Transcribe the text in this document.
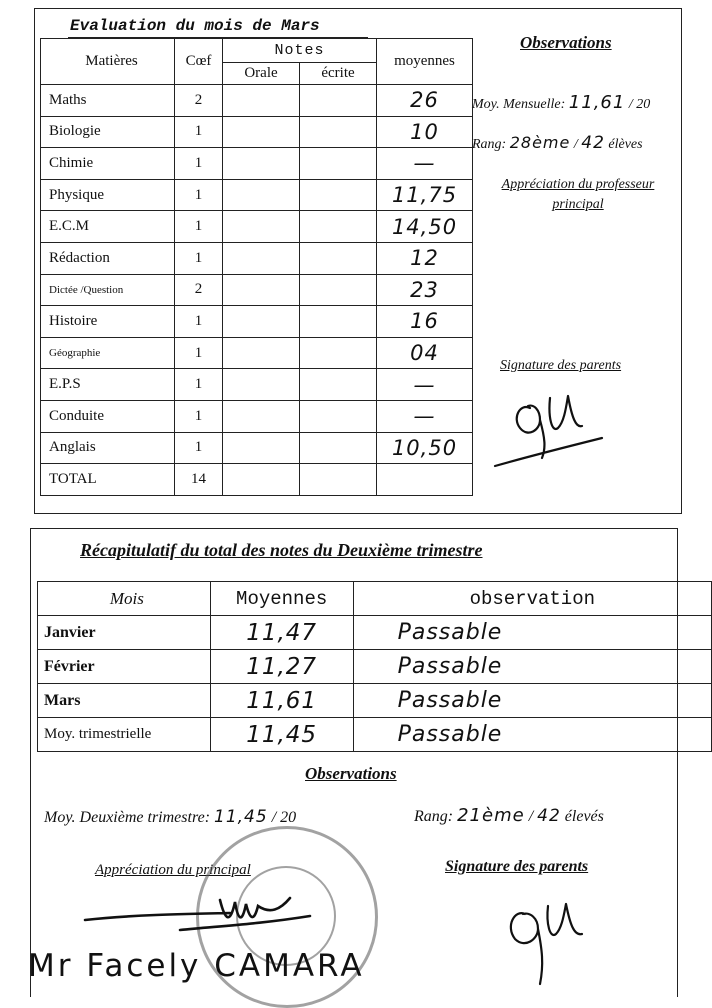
Evaluation du mois de Mars
Matières	Cœf	Notes		moyennes
		Orale	écrite	
Maths	2			26
Biologie	1			10
Chimie	1			—
Physique	1			11,75
E.C.M	1			14,50
Rédaction	1			12
Dictée /Question	2			23
Histoire	1			16
Géographie	1			04
E.P.S	1			—
Conduite	1			—
Anglais	1			10,50
TOTAL	14			
Observations
Moy. Mensuelle: 11,61 / 20
Rang: 28ème / 42 élèves
Appréciation du professeur principal
Signature des parents
Récapitulatif du total des notes du Deuxième trimestre
Mois	Moyennes	observation
Janvier	11,47	Passable
Février	11,27	Passable
Mars	11,61	Passable
Moy. trimestrielle	11,45	Passable
Observations
Moy. Deuxième trimestre: 11,45 / 20	Rang: 21ème / 42 élevés
Appréciation du principal	Signature des parents
Mr Facely CAMARA
